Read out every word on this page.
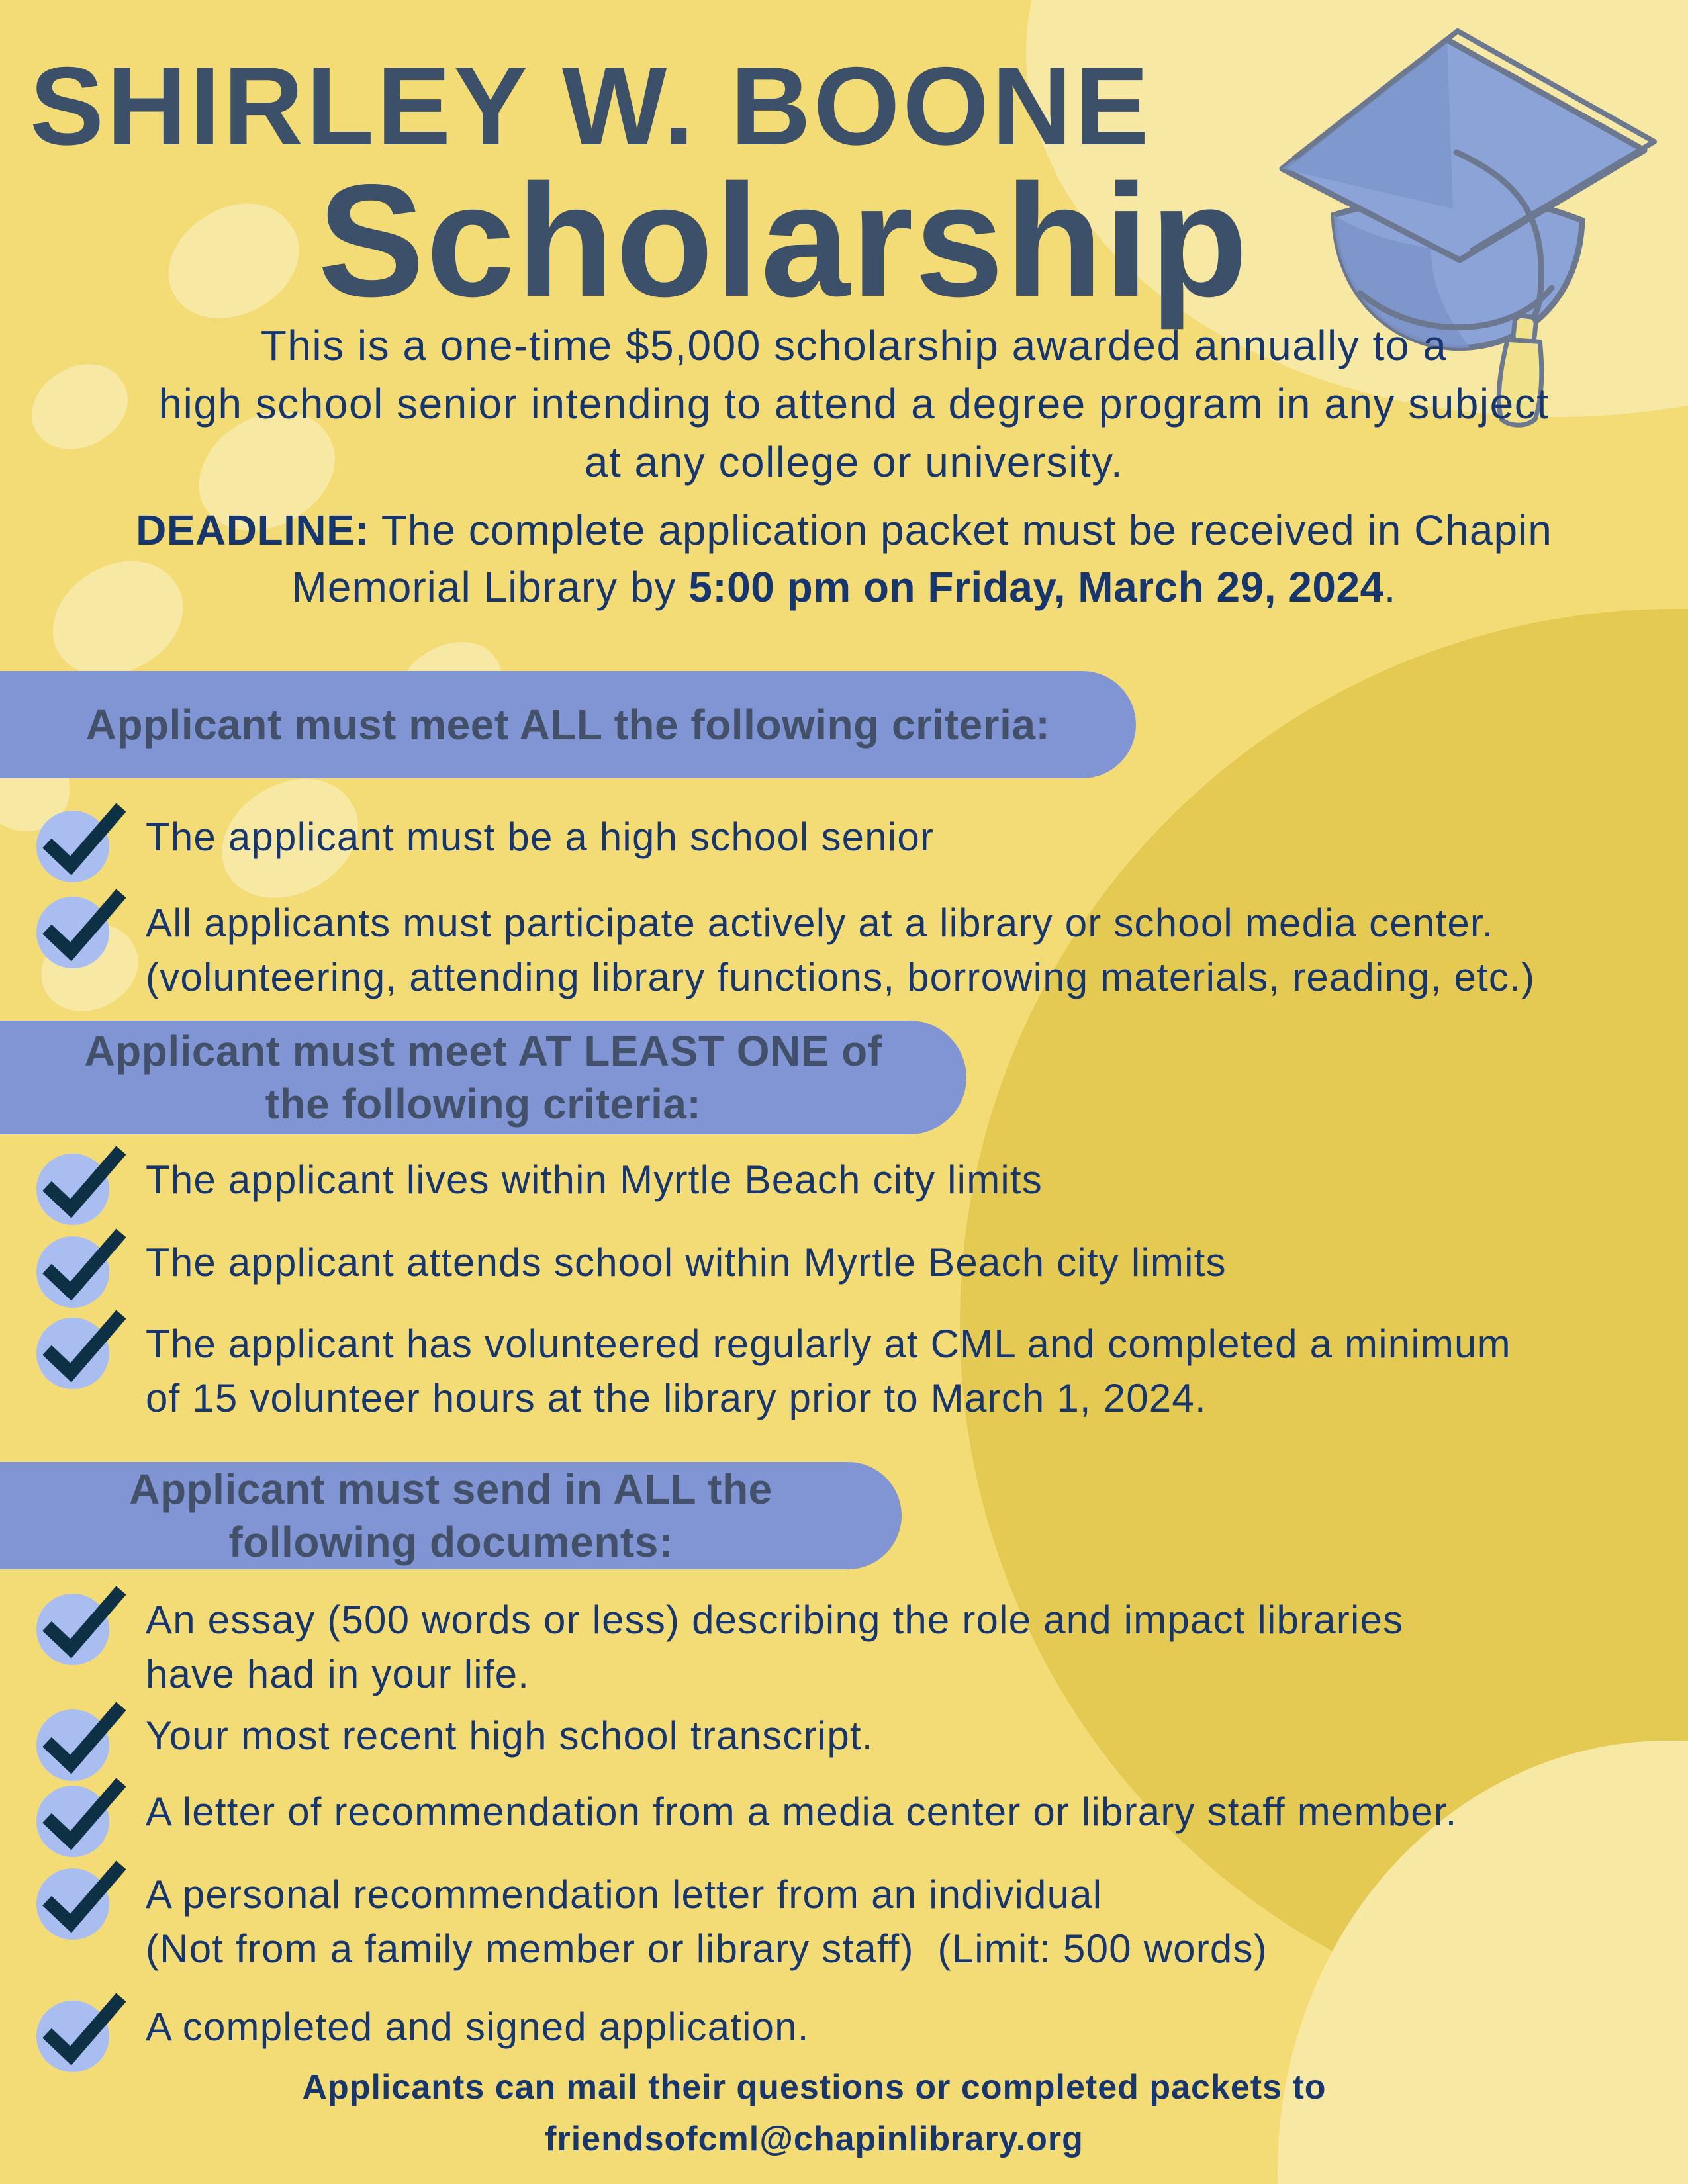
SHIRLEY W. BOONE
Scholarship
This is a one-time $5,000 scholarship awarded annually to a
high school senior intending to attend a degree program in any subject
at any college or university.
DEADLINE: The complete application packet must be received in Chapin
Memorial Library by 5:00 pm on Friday, March 29, 2024.
Applicant must meet ALL the following criteria:
The applicant must be a high school senior
All applicants must participate actively at a library or school media center.
(volunteering, attending library functions, borrowing materials, reading, etc.)
Applicant must meet AT LEAST ONE of
the following criteria:
The applicant lives within Myrtle Beach city limits
The applicant attends school within Myrtle Beach city limits
The applicant has volunteered regularly at CML and completed a minimum
of 15 volunteer hours at the library prior to March 1, 2024.
Applicant must send in ALL the
following documents:
An essay (500 words or less) describing the role and impact libraries
have had in your life.
Your most recent high school transcript.
A letter of recommendation from a media center or library staff member.
A personal recommendation letter from an individual
(Not from a family member or library staff)  (Limit: 500 words)
A completed and signed application.
Applicants can mail their questions or completed packets to
friendsofcml@chapinlibrary.org
